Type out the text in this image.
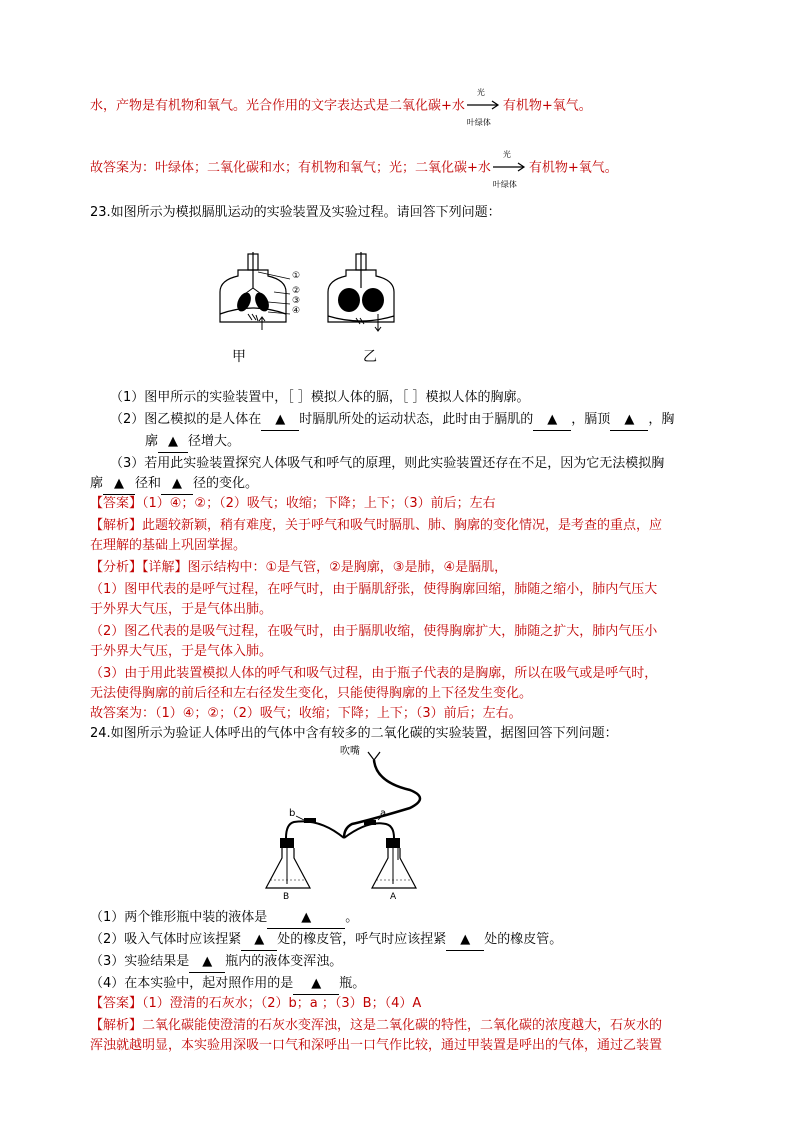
水，产物是有机物和氧气。光合作用的文字表达式是二氧化碳+水
光
叶绿体
有机物+氧气。
故答案为：叶绿体；二氧化碳和水；有机物和氧气；光；二氧化碳+水
光
叶绿体
有机物+氧气。
23.如图所示为模拟膈肌运动的实验装置及实验过程。请回答下列问题：
①
②
③
④
甲	乙
（1）图甲所示的实验装置中，［ ］模拟人体的膈，［ ］模拟人体的胸廓。
（2）图乙模拟的是人体在 ▲ 时膈肌所处的运动状态，此时由于膈肌的 ▲ ，膈顶 ▲ ，胸
廓 ▲ 径增大。
（3）若用此实验装置探究人体吸气和呼气的原理，则此实验装置还存在不足，因为它无法模拟胸
廓 ▲ 径和 ▲ 径的变化。
【答案】（1）④；②；（2）吸气；收缩；下降；上下；（3）前后；左右
【解析】此题较新颖，稍有难度，关于呼气和吸气时膈肌、肺、胸廓的变化情况，是考查的重点，应
在理解的基础上巩固掌握。
【分析】【详解】图示结构中：①是气管，②是胸廓，③是肺，④是膈肌，
（1）图甲代表的是呼气过程，在呼气时，由于膈肌舒张，使得胸廓回缩，肺随之缩小，肺内气压大
于外界大气压，于是气体出肺。
（2）图乙代表的是吸气过程，在吸气时，由于膈肌收缩，使得胸廓扩大，肺随之扩大，肺内气压小
于外界大气压，于是气体入肺。
（3）由于用此装置模拟人体的呼气和吸气过程，由于瓶子代表的是胸廓，所以在吸气或是呼气时，
无法使得胸廓的前后径和左右径发生变化，只能使得胸廓的上下径发生变化。
故答案为：（1）④；②；（2）吸气；收缩；下降；上下；（3）前后；左右。
24.如图所示为验证人体呼出的气体中含有较多的二氧化碳的实验装置，据图回答下列问题：
吹嘴
b	a
B	A
（1）两个锥形瓶中装的液体是	▲	。
（2）吸入气体时应该捏紧 ▲ 处的橡皮管，呼气时应该捏紧 ▲ 处的橡皮管。
（3）实验结果是 ▲ 瓶内的液体变浑浊。
（4）在本实验中，起对照作用的是 ▲ 瓶。
【答案】（1）澄清的石灰水；（2）b；a ；（3）B；（4）A
【解析】二氧化碳能使澄清的石灰水变浑浊，这是二氧化碳的特性，二氧化碳的浓度越大，石灰水的
浑浊就越明显，本实验用深吸一口气和深呼出一口气作比较，通过甲装置是呼出的气体，通过乙装置
